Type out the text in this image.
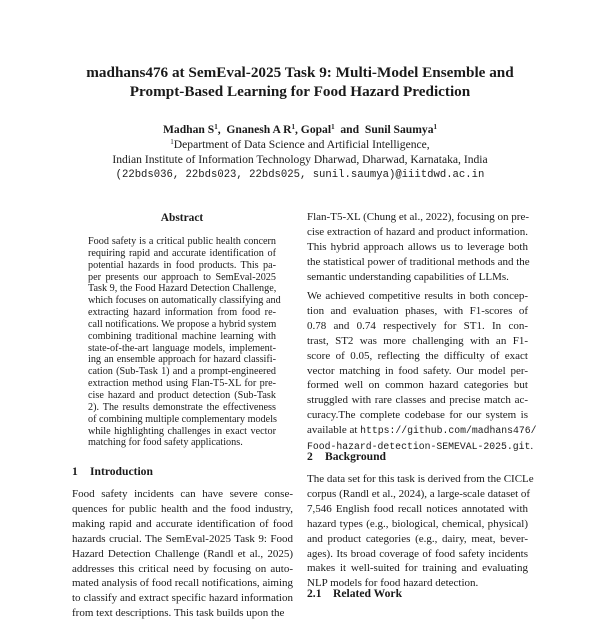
madhans476 at SemEval-2025 Task 9: Multi-Model Ensemble and
Prompt-Based Learning for Food Hazard Prediction
Madhan $S^1$,  Gnanesh A $R^1$, Gopal$^1$ and Sunil Saumya$^1$
$^1$Department of Data Science and Artificial Intelligence,
Indian Institute of Information Technology Dharwad, Dharwad, Karnataka, India
(22bds036, 22bds023, 22bds025, sunil.saumya)@iiitdwd.ac.in
Abstract
Food safety is a critical public health concern
requiring rapid and accurate identification of
potential hazards in food products. This pa-
per presents our approach to SemEval-2025
Task 9, the Food Hazard Detection Challenge,
which focuses on automatically classifying and
extracting hazard information from food re-
call notifications. We propose a hybrid system
combining traditional machine learning with
state-of-the-art language models, implement-
ing an ensemble approach for hazard classifi-
cation (Sub-Task 1) and a prompt-engineered
extraction method using Flan-T5-XL for pre-
cise hazard and product detection (Sub-Task
2). The results demonstrate the effectiveness
of combining multiple complementary models
while highlighting challenges in exact vector
matching for food safety applications.
1 Introduction
Food safety incidents can have severe conse-
quences for public health and the food industry,
making rapid and accurate identification of food
hazards crucial. The SemEval-2025 Task 9: Food
Hazard Detection Challenge (Randl et al., 2025)
addresses this critical need by focusing on auto-
mated analysis of food recall notifications, aiming
to classify and extract specific hazard information
from text descriptions. This task builds upon the
Flan-T5-XL (Chung et al., 2022), focusing on pre-
cise extraction of hazard and product information.
This hybrid approach allows us to leverage both
the statistical power of traditional methods and the
semantic understanding capabilities of LLMs.
We achieved competitive results in both concep-
tion and evaluation phases, with F1-scores of
0.78 and 0.74 respectively for ST1. In con-
trast, ST2 was more challenging with an F1-
score of 0.05, reflecting the difficulty of exact
vector matching in food safety. Our model per-
formed well on common hazard categories but
struggled with rare classes and precise match ac-
curacy.The complete codebase for our system is
available at https://github.com/madhans476/
Food-hazard-detection-SEMEVAL-2025.git.
2 Background
The data set for this task is derived from the CICLe
corpus (Randl et al., 2024), a large-scale dataset of
7,546 English food recall notices annotated with
hazard types (e.g., biological, chemical, physical)
and product categories (e.g., dairy, meat, bever-
ages). Its broad coverage of food safety incidents
makes it well-suited for training and evaluating
NLP models for food hazard detection.
2.1 Related Work
